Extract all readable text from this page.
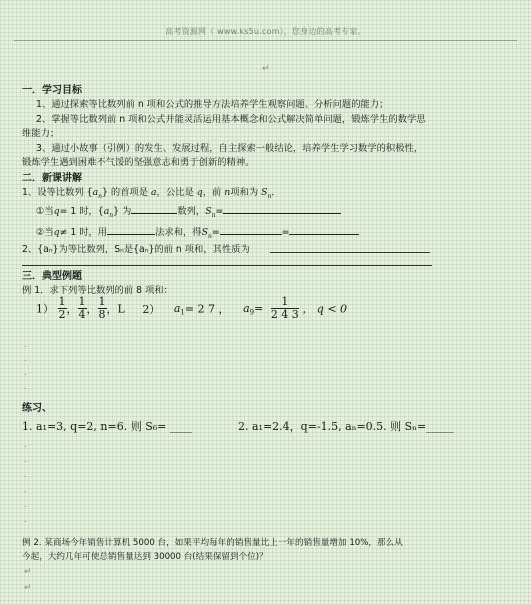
高考资源网（ www.ks5u.com），您身边的高考专家。
↵
一．学习目标
1、通过探索等比数列前 n 项和公式的推导方法培养学生观察问题、分析问题的能力；
2、掌握等比数列前 n 项和公式并能灵活运用基本概念和公式解决简单问题，锻炼学生的数学思
维能力；
3、通过小故事（引例）的发生、发展过程，自主探索一般结论，培养学生学习数学的积极性，
锻炼学生遇到困难不气馁的坚强意志和勇于创新的精神。
二．新课讲解
1、设等比数列 $\{a_n\}$ 的首项是 a，公比是 q，前 n项和为 $S_n$．
①当q= 1 时，$\{a_n\}$ 为	数列，$S_n=$
②当q≠ 1 时，用	法求和，得$S_n=$	=
2、{aₙ}为等比数列，Sₙ是{aₙ}的前 n 项和，其性质为
三．典型例题
例 1．求下列等比数列的前 8 项和：
$1) \frac{1}{2}$ ， $\frac{1}{4}$ ， $\frac{1}{8}$ ，L 2） $a_1= 2$ 7 ， $a_9= \frac{1}{2 4 3}$ ， q < 0
.
.
.
.
练习、
1. a₁=3, q=2, n=6. 则 S₆= ____	2. a₁=2.4，q=-1.5, aₙ=0.5. 则 Sₙ=_____
.
.
.
.
.
.
例 2. 某商场今年销售计算机 5000 台，如果平均每年的销售量比上一年的销售量增加 10%，那么从
今起，大约几年可使总销售量达到 30000 台(结果保留到个位)？
↵
↵
